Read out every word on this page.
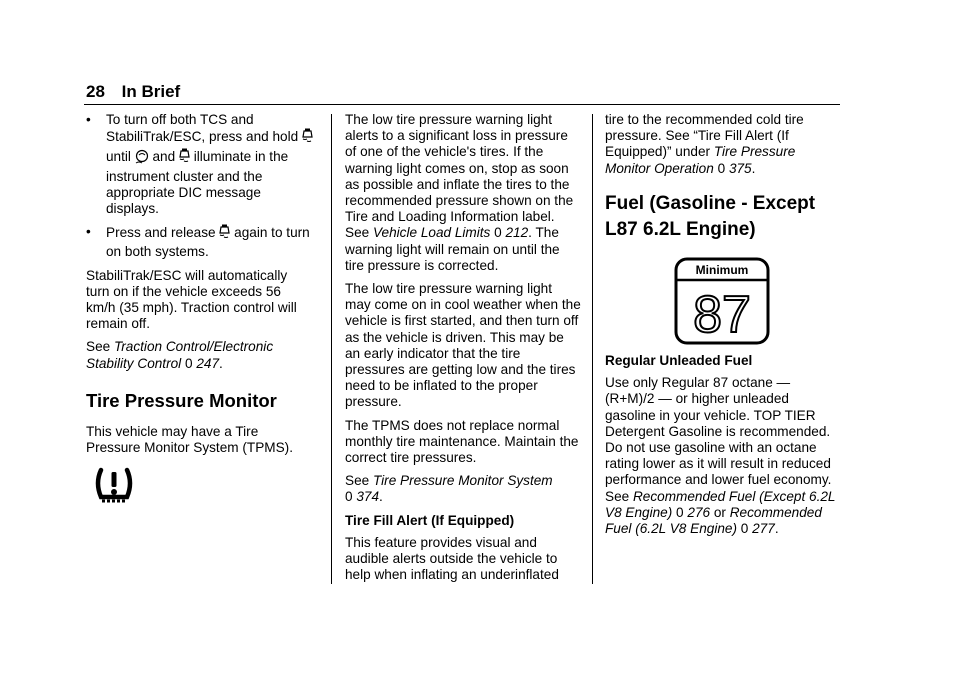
28 In Brief
• To turn off both TCS and StabiliTrak/ESC, press and hold  until and illuminate in the instrument cluster and the appropriate DIC message displays.
• Press and release again to turn on both systems.

StabiliTrak/ESC will automatically turn on if the vehicle exceeds 56 km/h (35 mph). Traction control will remain off.

See Traction Control/Electronic Stability Control 0 247.

Tire Pressure Monitor

This vehicle may have a Tire Pressure Monitor System (TPMS).

The low tire pressure warning light alerts to a significant loss in pressure of one of the vehicle's tires. If the warning light comes on, stop as soon as possible and inflate the tires to the recommended pressure shown on the Tire and Loading Information label. See Vehicle Load Limits 0 212. The warning light will remain on until the tire pressure is corrected.

The low tire pressure warning light may come on in cool weather when the vehicle is first started, and then turn off as the vehicle is driven. This may be an early indicator that the tire pressures are getting low and the tires need to be inflated to the proper pressure.

The TPMS does not replace normal monthly tire maintenance. Maintain the correct tire pressures.

See Tire Pressure Monitor System
0 374.

Tire Fill Alert (If Equipped)

This feature provides visual and audible alerts outside the vehicle to help when inflating an underinflated

tire to the recommended cold tire pressure. See “Tire Fill Alert (If Equipped)” under Tire Pressure Monitor Operation 0 375.

Fuel (Gasoline - Except L87 6.2L Engine)
Minimum
87

Regular Unleaded Fuel

Use only Regular 87 octane — (R+M)/2 — or higher unleaded gasoline in your vehicle. TOP TIER Detergent Gasoline is recommended. Do not use gasoline with an octane rating lower as it will result in reduced performance and lower fuel economy. See Recommended Fuel (Except 6.2L V8 Engine) 0 276 or Recommended Fuel (6.2L V8 Engine) 0 277.
